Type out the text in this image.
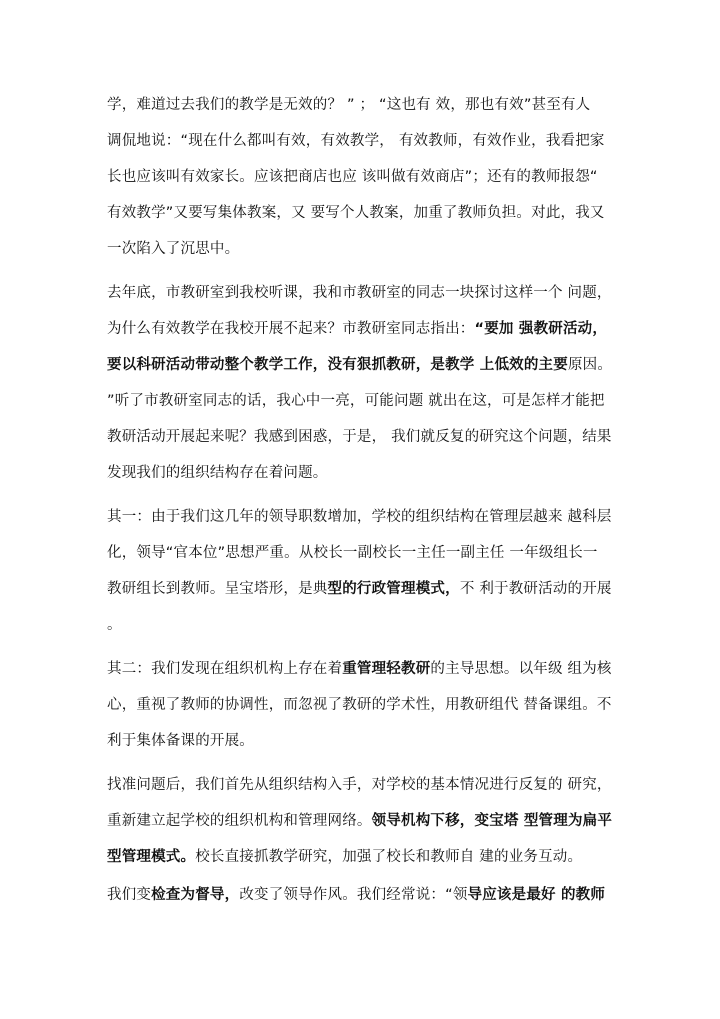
学，难道过去我们的教学是无效的？ ” ； “这也有 效，那也有效”甚至有人
调侃地说：“现在什么都叫有效，有效教学， 有效教师，有效作业，我看把家
长也应该叫有效家长。应该把商店也应 该叫做有效商店”；还有的教师报怨“
有效教学”又要写集体教案，又 要写个人教案，加重了教师负担。对此，我又
一次陷入了沉思中。
去年底，市教研室到我校听课，我和市教研室的同志一块探讨这样一个 问题，
为什么有效教学在我校开展不起来？市教研室同志指出：“要加 强教研活动，
要以科研活动带动整个教学工作，没有狠抓教研，是教学 上低效的主要原因。
”听了市教研室同志的话，我心中一亮，可能问题 就出在这，可是怎样才能把
教研活动开展起来呢？我感到困惑，于是， 我们就反复的研究这个问题，结果
发现我们的组织结构存在着问题。
其一：由于我们这几年的领导职数增加，学校的组织结构在管理层越来 越科层
化，领导“官本位”思想严重。从校长一副校长一主任一副主任 一年级组长一
教研组长到教师。呈宝塔形，是典型的行政管理模式，不 利于教研活动的开展
。
其二：我们发现在组织机构上存在着重管理轻教研的主导思想。以年级 组为核
心，重视了教师的协调性，而忽视了教研的学术性，用教研组代 替备课组。不
利于集体备课的开展。
找准问题后，我们首先从组织结构入手，对学校的基本情况进行反复的 研究，
重新建立起学校的组织机构和管理网络。领导机构下移，变宝塔 型管理为扁平
型管理模式。校长直接抓教学研究，加强了校长和教师自 建的业务互动。
我们变检查为督导，改变了领导作风。我们经常说：“领导应该是最好 的教师
